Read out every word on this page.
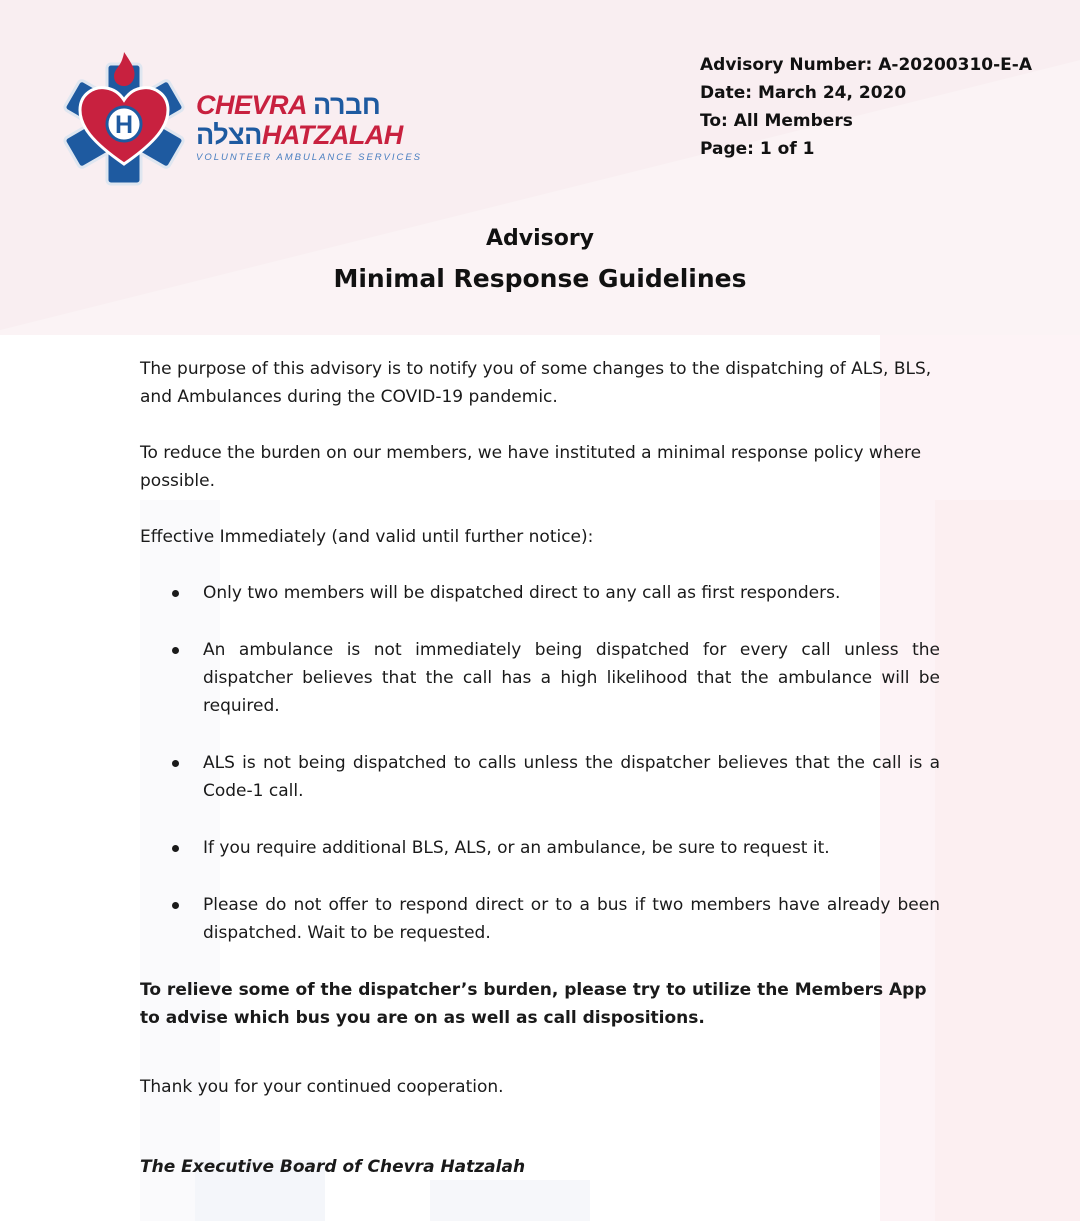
H
CHEVRA חברה
הצלהHATZALAH
VOLUNTEER AMBULANCE SERVICES
Advisory Number: A-20200310-E-A
Date: March 24, 2020
To: All Members
Page: 1 of 1
Advisory
Minimal Response Guidelines

The purpose of this advisory is to notify you of some changes to the dispatching of ALS, BLS, and Ambulances during the COVID-19 pandemic.

To reduce the burden on our members, we have instituted a minimal response policy where possible.

Effective Immediately (and valid until further notice):

Only two members will be dispatched direct to any call as first responders.
An ambulance is not immediately being dispatched for every call unless the dispatcher believes that the call has a high likelihood that the ambulance will be required.
ALS is not being dispatched to calls unless the dispatcher believes that the call is a Code-1 call.
If you require additional BLS, ALS, or an ambulance, be sure to request it.
Please do not offer to respond direct or to a bus if two members have already been dispatched. Wait to be requested.

To relieve some of the dispatcher’s burden, please try to utilize the Members App to advise which bus you are on as well as call dispositions.

Thank you for your continued cooperation.

The Executive Board of Chevra Hatzalah
